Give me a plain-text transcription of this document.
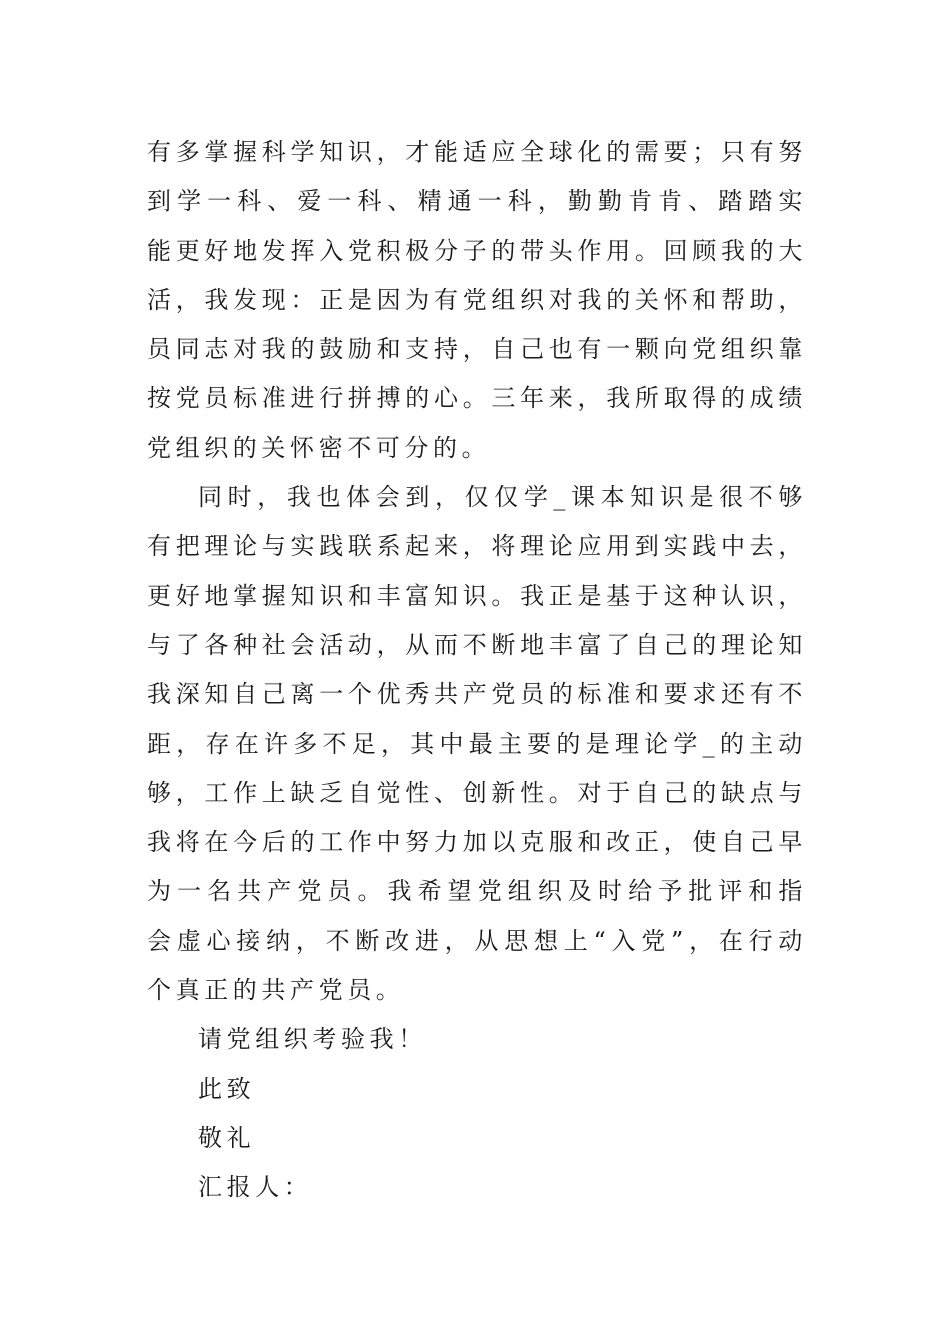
有多掌握科学知识，才能适应全球化的需要；只有努
到学一科、爱一科、精通一科，勤勤肯肯、踏踏实
能更好地发挥入党积极分子的带头作用。回顾我的大
活，我发现：正是因为有党组织对我的关怀和帮助，
员同志对我的鼓励和支持，自己也有一颗向党组织靠
按党员标准进行拼搏的心。三年来，我所取得的成绩
党组织的关怀密不可分的。
同时，我也体会到，仅仅学_课本知识是很不够
有把理论与实践联系起来，将理论应用到实践中去，
更好地掌握知识和丰富知识。我正是基于这种认识，
与了各种社会活动，从而不断地丰富了自己的理论知
我深知自己离一个优秀共产党员的标准和要求还有不
距，存在许多不足，其中最主要的是理论学_的主动
够，工作上缺乏自觉性、创新性。对于自己的缺点与
我将在今后的工作中努力加以克服和改正，使自己早
为一名共产党员。我希望党组织及时给予批评和指
会虚心接纳，不断改进，从思想上“入党”，在行动
个真正的共产党员。
请党组织考验我！
此致
敬礼
汇报人：
